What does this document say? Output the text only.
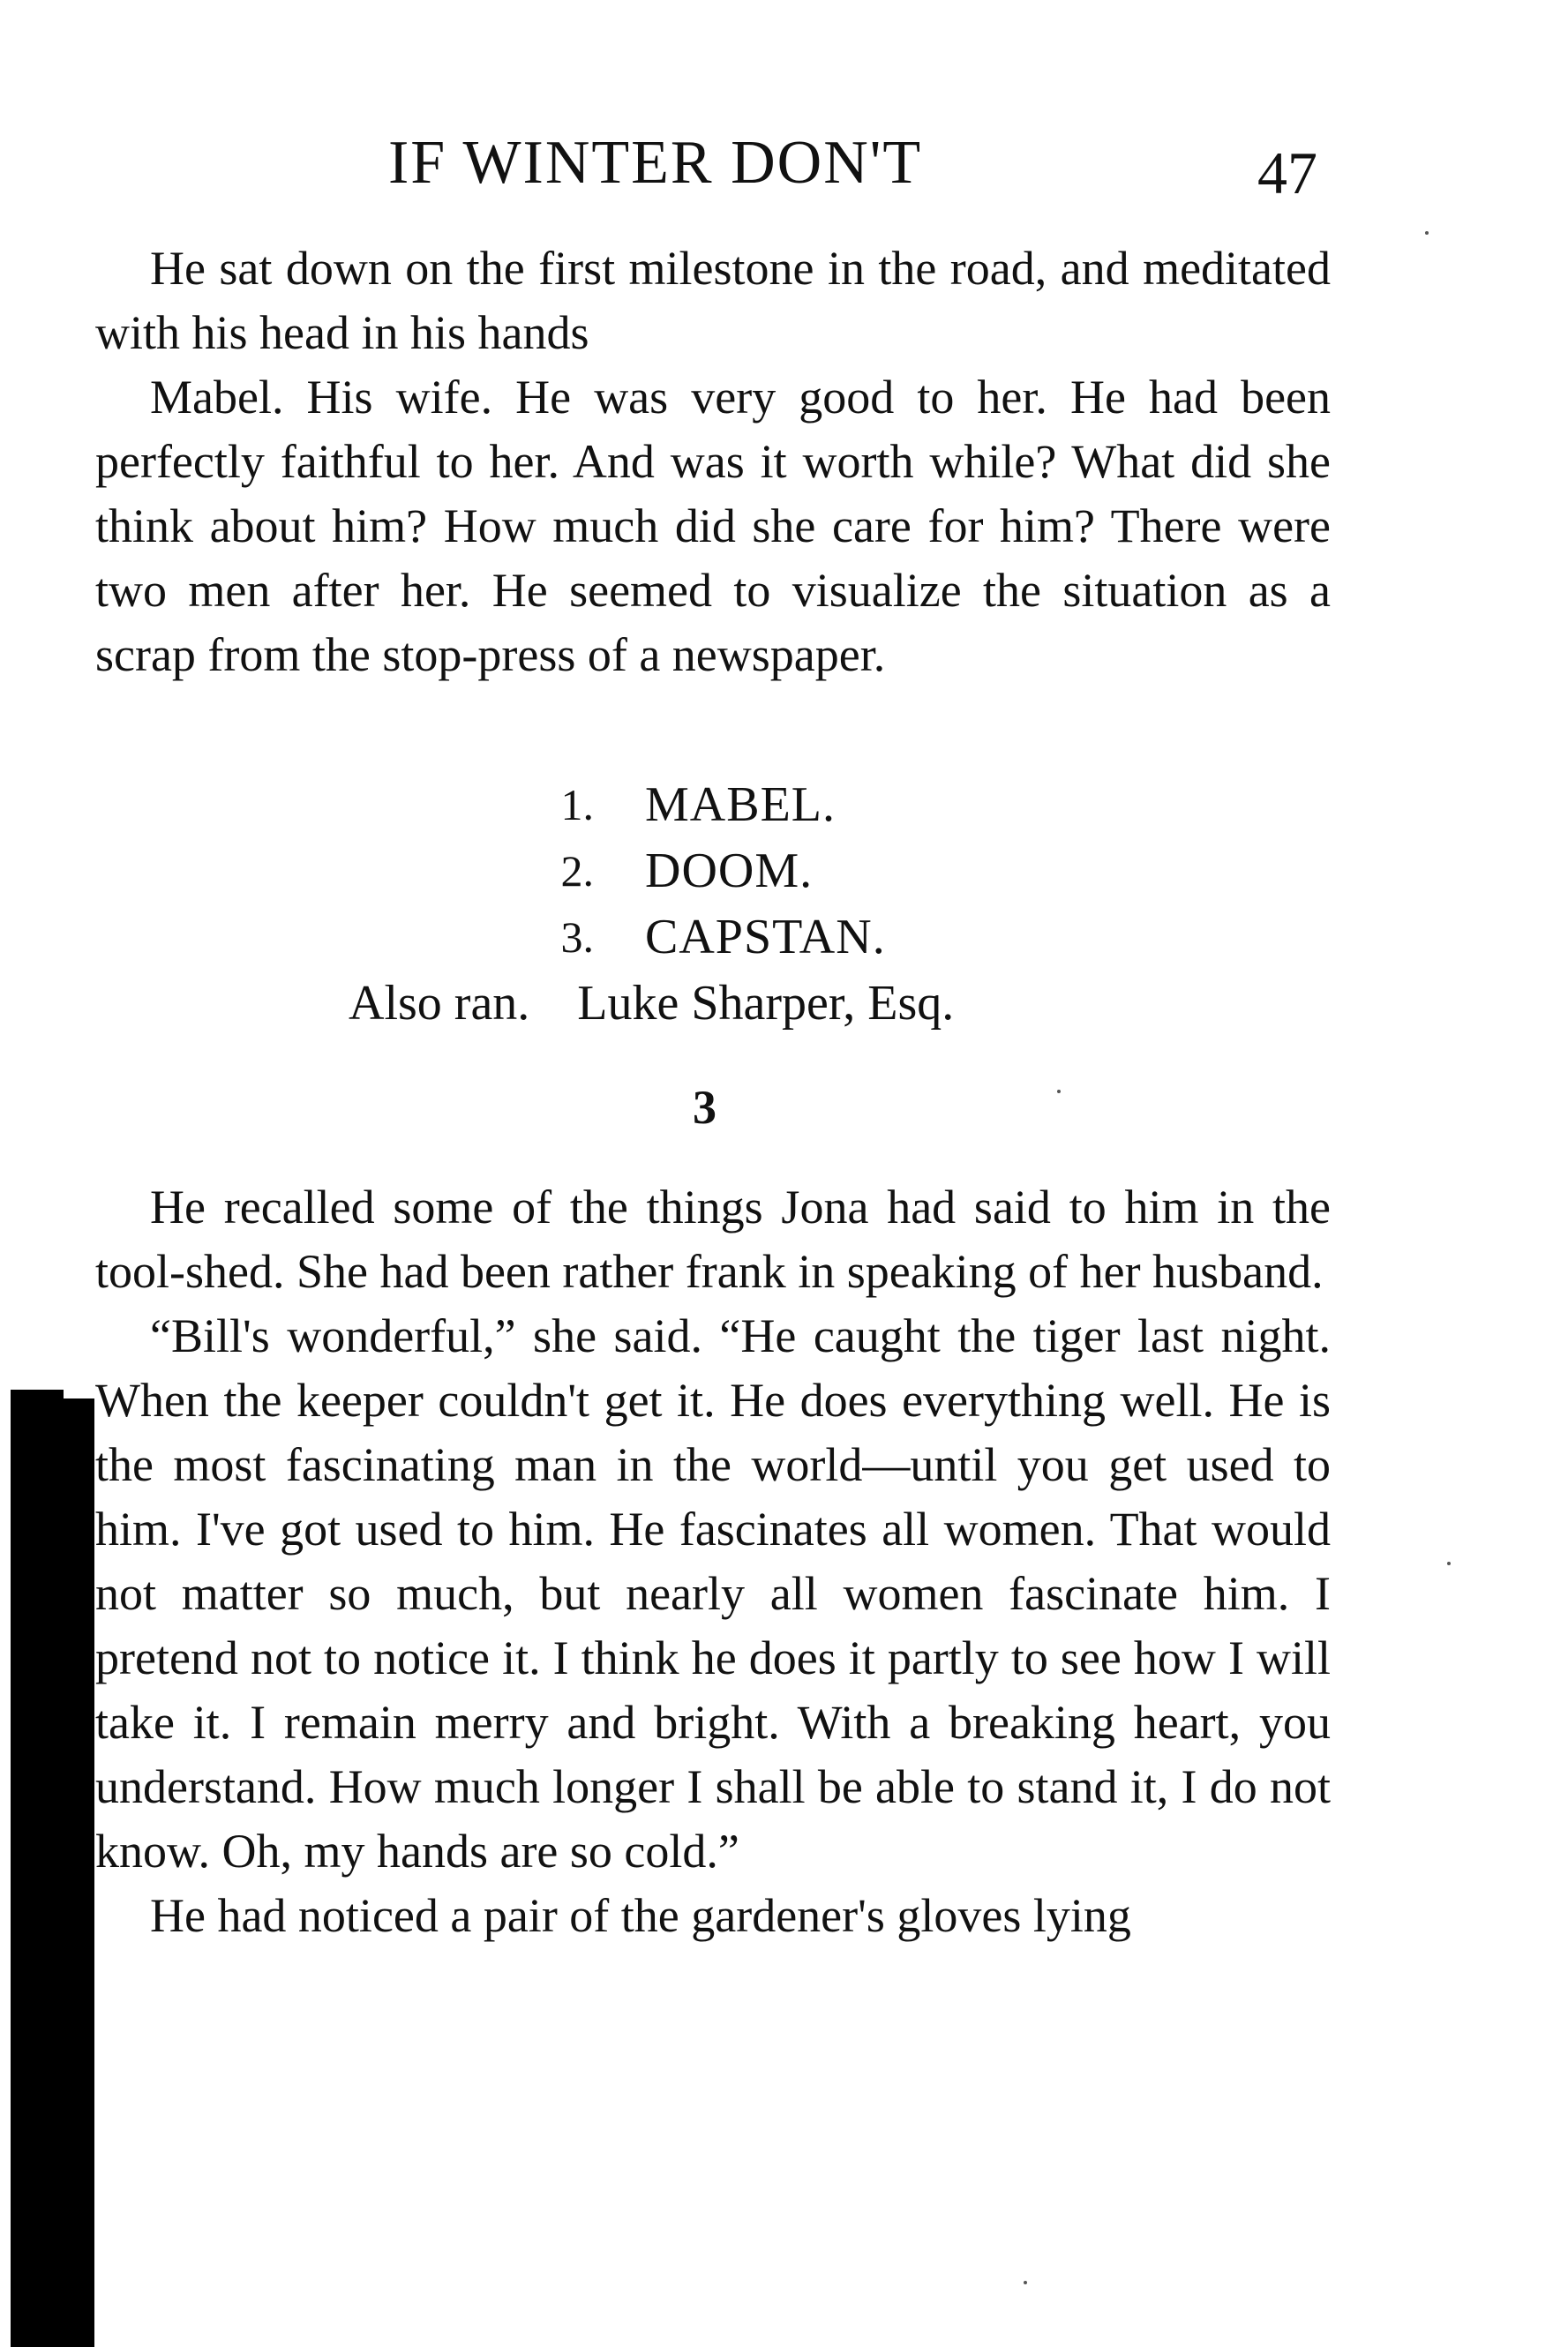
IF WINTER DON'T	47

He sat down on the first milestone in the road, and meditated with his head in his hands

Mabel. His wife. He was very good to her. He had been perfectly faithful to her. And was it worth while? What did she think about him? How much did she care for him? There were two men after her. He seemed to visualize the situation as a scrap from the stop-press of a newspaper.

1.	MABEL.
2.	DOOM.
3.	CAPSTAN.
Also ran. Luke Sharper, Esq.
3

He recalled some of the things Jona had said to him in the tool-shed. She had been rather frank in speaking of her husband.

“Bill's wonderful,” she said. “He caught the tiger last night. When the keeper couldn't get it. He does everything well. He is the most fascinating man in the world—until you get used to him. I've got used to him. He fascinates all women. That would not matter so much, but nearly all women fascinate him. I pretend not to notice it. I think he does it partly to see how I will take it. I remain merry and bright. With a breaking heart, you understand. How much longer I shall be able to stand it, I do not know. Oh, my hands are so cold.”

He had noticed a pair of the gardener's gloves lying
